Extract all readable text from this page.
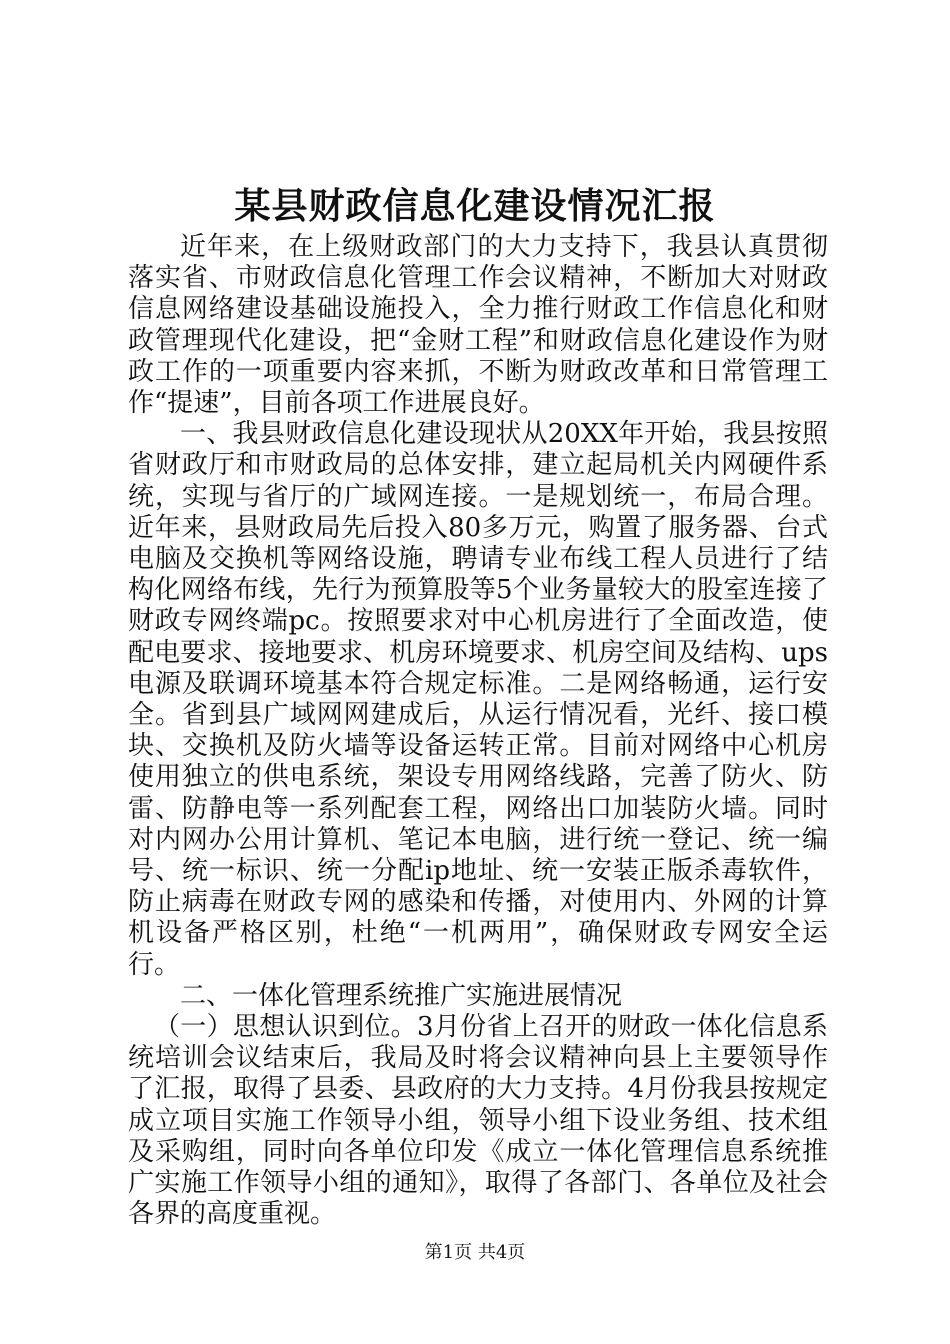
某县财政信息化建设情况汇报

近年来，在上级财政部门的大力支持下，我县认真贯彻落实省、市财政信息化管理工作会议精神，不断加大对财政信息网络建设基础设施投入，全力推行财政工作信息化和财政管理现代化建设，把“金财工程”和财政信息化建设作为财政工作的一项重要内容来抓，不断为财政改革和日常管理工作“提速”，目前各项工作进展良好。

一、我县财政信息化建设现状从20XX年开始，我县按照省财政厅和市财政局的总体安排，建立起局机关内网硬件系统，实现与省厅的广域网连接。一是规划统一，布局合理。近年来，县财政局先后投入80多万元，购置了服务器、台式电脑及交换机等网络设施，聘请专业布线工程人员进行了结构化网络布线，先行为预算股等5个业务量较大的股室连接了财政专网终端pc。按照要求对中心机房进行了全面改造，使配电要求、接地要求、机房环境要求、机房空间及结构、ups电源及联调环境基本符合规定标准。二是网络畅通，运行安全。省到县广域网网建成后，从运行情况看，光纤、接口模块、交换机及防火墙等设备运转正常。目前对网络中心机房使用独立的供电系统，架设专用网络线路，完善了防火、防雷、防静电等一系列配套工程，网络出口加装防火墙。同时对内网办公用计算机、笔记本电脑，进行统一登记、统一编号、统一标识、统一分配ip地址、统一安装正版杀毒软件，防止病毒在财政专网的感染和传播，对使用内、外网的计算机设备严格区别，杜绝“一机两用”，确保财政专网安全运行。

二、一体化管理系统推广实施进展情况

（一）思想认识到位。3月份省上召开的财政一体化信息系统培训会议结束后，我局及时将会议精神向县上主要领导作了汇报，取得了县委、县政府的大力支持。4月份我县按规定成立项目实施工作领导小组，领导小组下设业务组、技术组及采购组，同时向各单位印发《成立一体化管理信息系统推广实施工作领导小组的通知》，取得了各部门、各单位及社会各界的高度重视。

第1页 共4页
